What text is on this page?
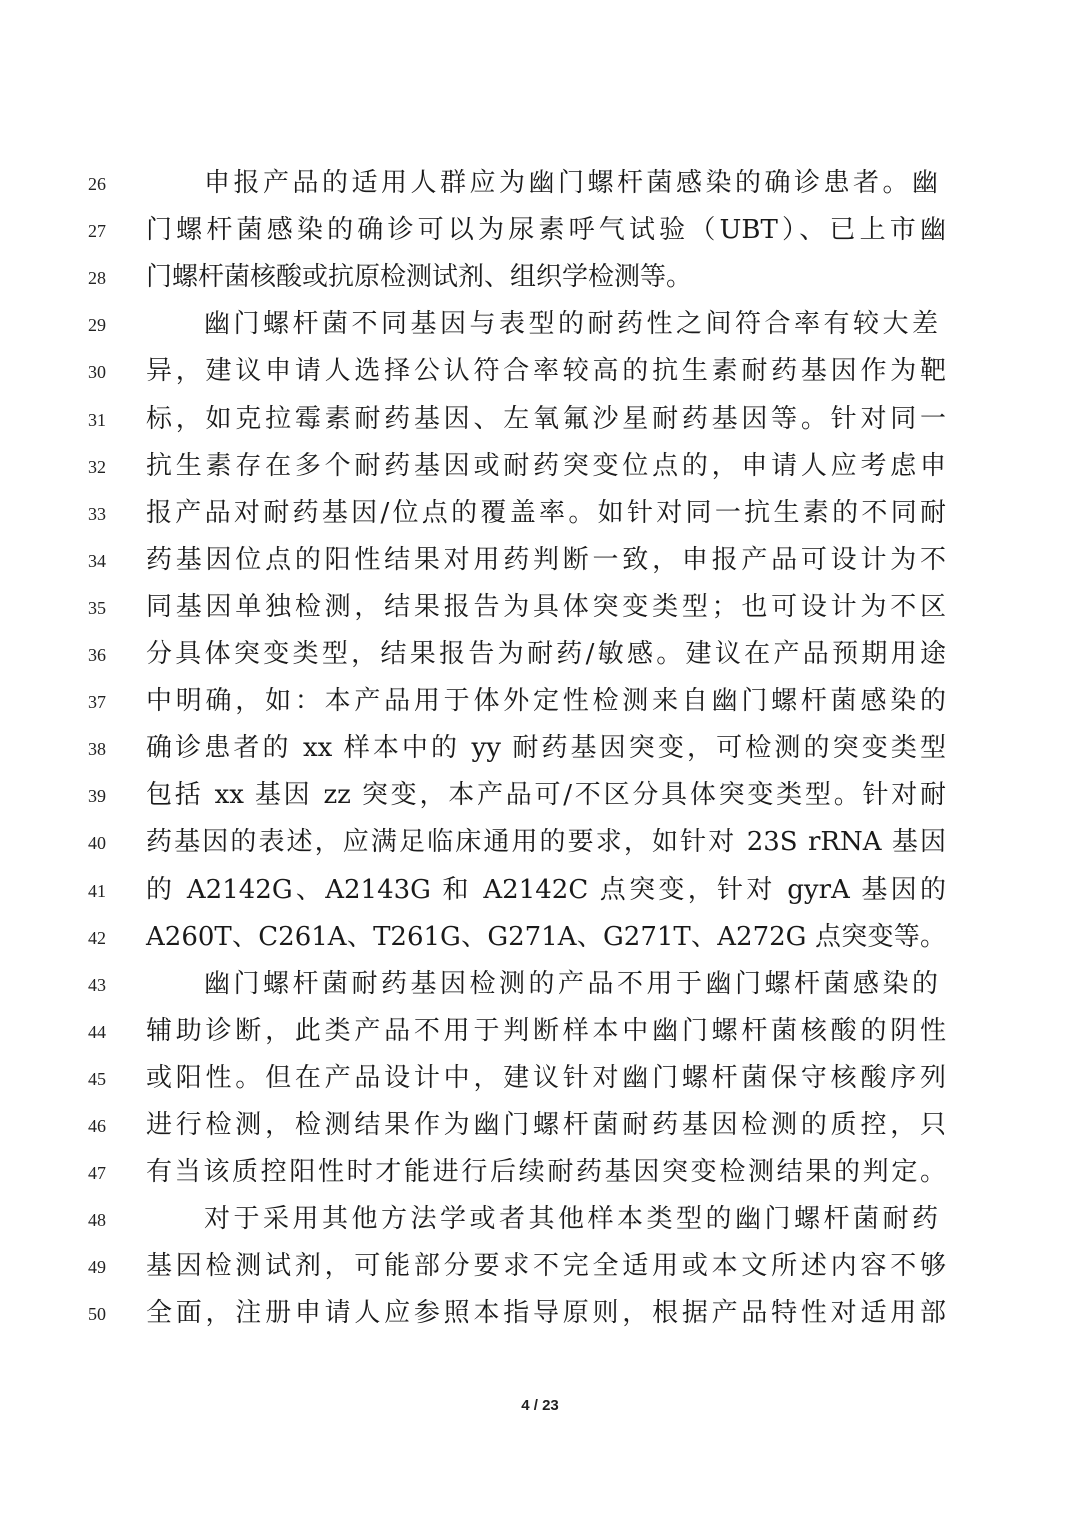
26	申报产品的适用人群应为幽门螺杆菌感染的确诊患者。幽
27	门螺杆菌感染的确诊可以为尿素呼气试验（UBT）、已上市幽
28	门螺杆菌核酸或抗原检测试剂、组织学检测等。
29	幽门螺杆菌不同基因与表型的耐药性之间符合率有较大差
30	异，建议申请人选择公认符合率较高的抗生素耐药基因作为靶
31	标，如克拉霉素耐药基因、左氧氟沙星耐药基因等。针对同一
32	抗生素存在多个耐药基因或耐药突变位点的，申请人应考虑申
33	报产品对耐药基因/位点的覆盖率。如针对同一抗生素的不同耐
34	药基因位点的阳性结果对用药判断一致，申报产品可设计为不
35	同基因单独检测，结果报告为具体突变类型；也可设计为不区
36	分具体突变类型，结果报告为耐药/敏感。建议在产品预期用途
37	中明确，如：本产品用于体外定性检测来自幽门螺杆菌感染的
38	确诊患者的 xx 样本中的 yy 耐药基因突变，可检测的突变类型
39	包括 xx 基因 zz 突变，本产品可/不区分具体突变类型。针对耐
40	药基因的表述，应满足临床通用的要求，如针对 23S rRNA 基因
41	的 A2142G、A2143G 和 A2142C 点突变，针对 gyrA 基因的
42	A260T、C261A、T261G、G271A、G271T、A272G 点突变等。
43	幽门螺杆菌耐药基因检测的产品不用于幽门螺杆菌感染的
44	辅助诊断，此类产品不用于判断样本中幽门螺杆菌核酸的阴性
45	或阳性。但在产品设计中，建议针对幽门螺杆菌保守核酸序列
46	进行检测，检测结果作为幽门螺杆菌耐药基因检测的质控，只
47	有当该质控阳性时才能进行后续耐药基因突变检测结果的判定。
48	对于采用其他方法学或者其他样本类型的幽门螺杆菌耐药
49	基因检测试剂，可能部分要求不完全适用或本文所述内容不够
50	全面，注册申请人应参照本指导原则，根据产品特性对适用部
4 / 23
